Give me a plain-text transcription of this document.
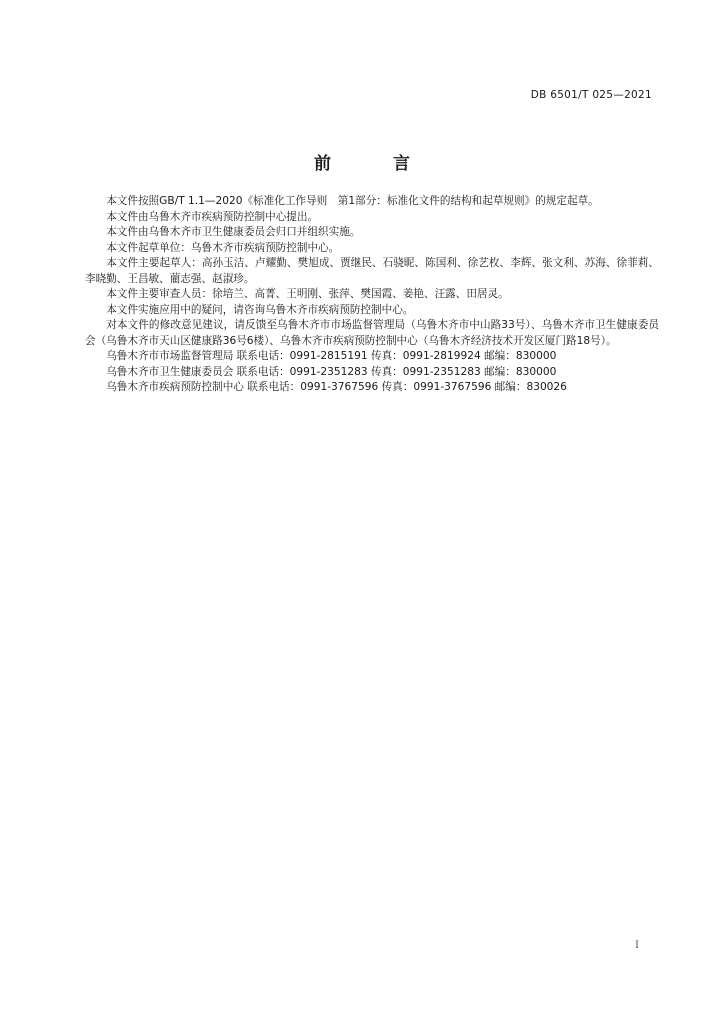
DB 6501/T 025—2021
前 言

本文件按照GB/T 1.1—2020《标准化工作导则　第1部分：标准化文件的结构和起草规则》的规定起草。

本文件由乌鲁木齐市疾病预防控制中心提出。

本文件由乌鲁木齐市卫生健康委员会归口并组织实施。

本文件起草单位：乌鲁木齐市疾病预防控制中心。

本文件主要起草人：高孙玉洁、卢耀勤、樊旭成、贾继民、石骁昵、陈国利、徐艺枚、李辉、张文利、苏海、徐菲莉、李晓勤、王昌敏、藺志强、赵淑珍。

本文件主要审查人员：徐培兰、高菁、王明刚、张萍、樊国霞、姜艳、汪露、田居灵。

本文件实施应用中的疑问，请咨询乌鲁木齐市疾病预防控制中心。

对本文件的修改意见建议，请反馈至乌鲁木齐市市场监督管理局（乌鲁木齐市中山路33号）、乌鲁木齐市卫生健康委员会（乌鲁木齐市天山区健康路36号6楼）、乌鲁木齐市疾病预防控制中心（乌鲁木齐经济技术开发区厦门路18号）。

乌鲁木齐市市场监督管理局 联系电话：0991-2815191 传真：0991-2819924 邮编：830000

乌鲁木齐市卫生健康委员会 联系电话：0991-2351283 传真：0991-2351283 邮编：830000

乌鲁木齐市疾病预防控制中心 联系电话：0991-3767596 传真：0991-3767596 邮编：830026

I
